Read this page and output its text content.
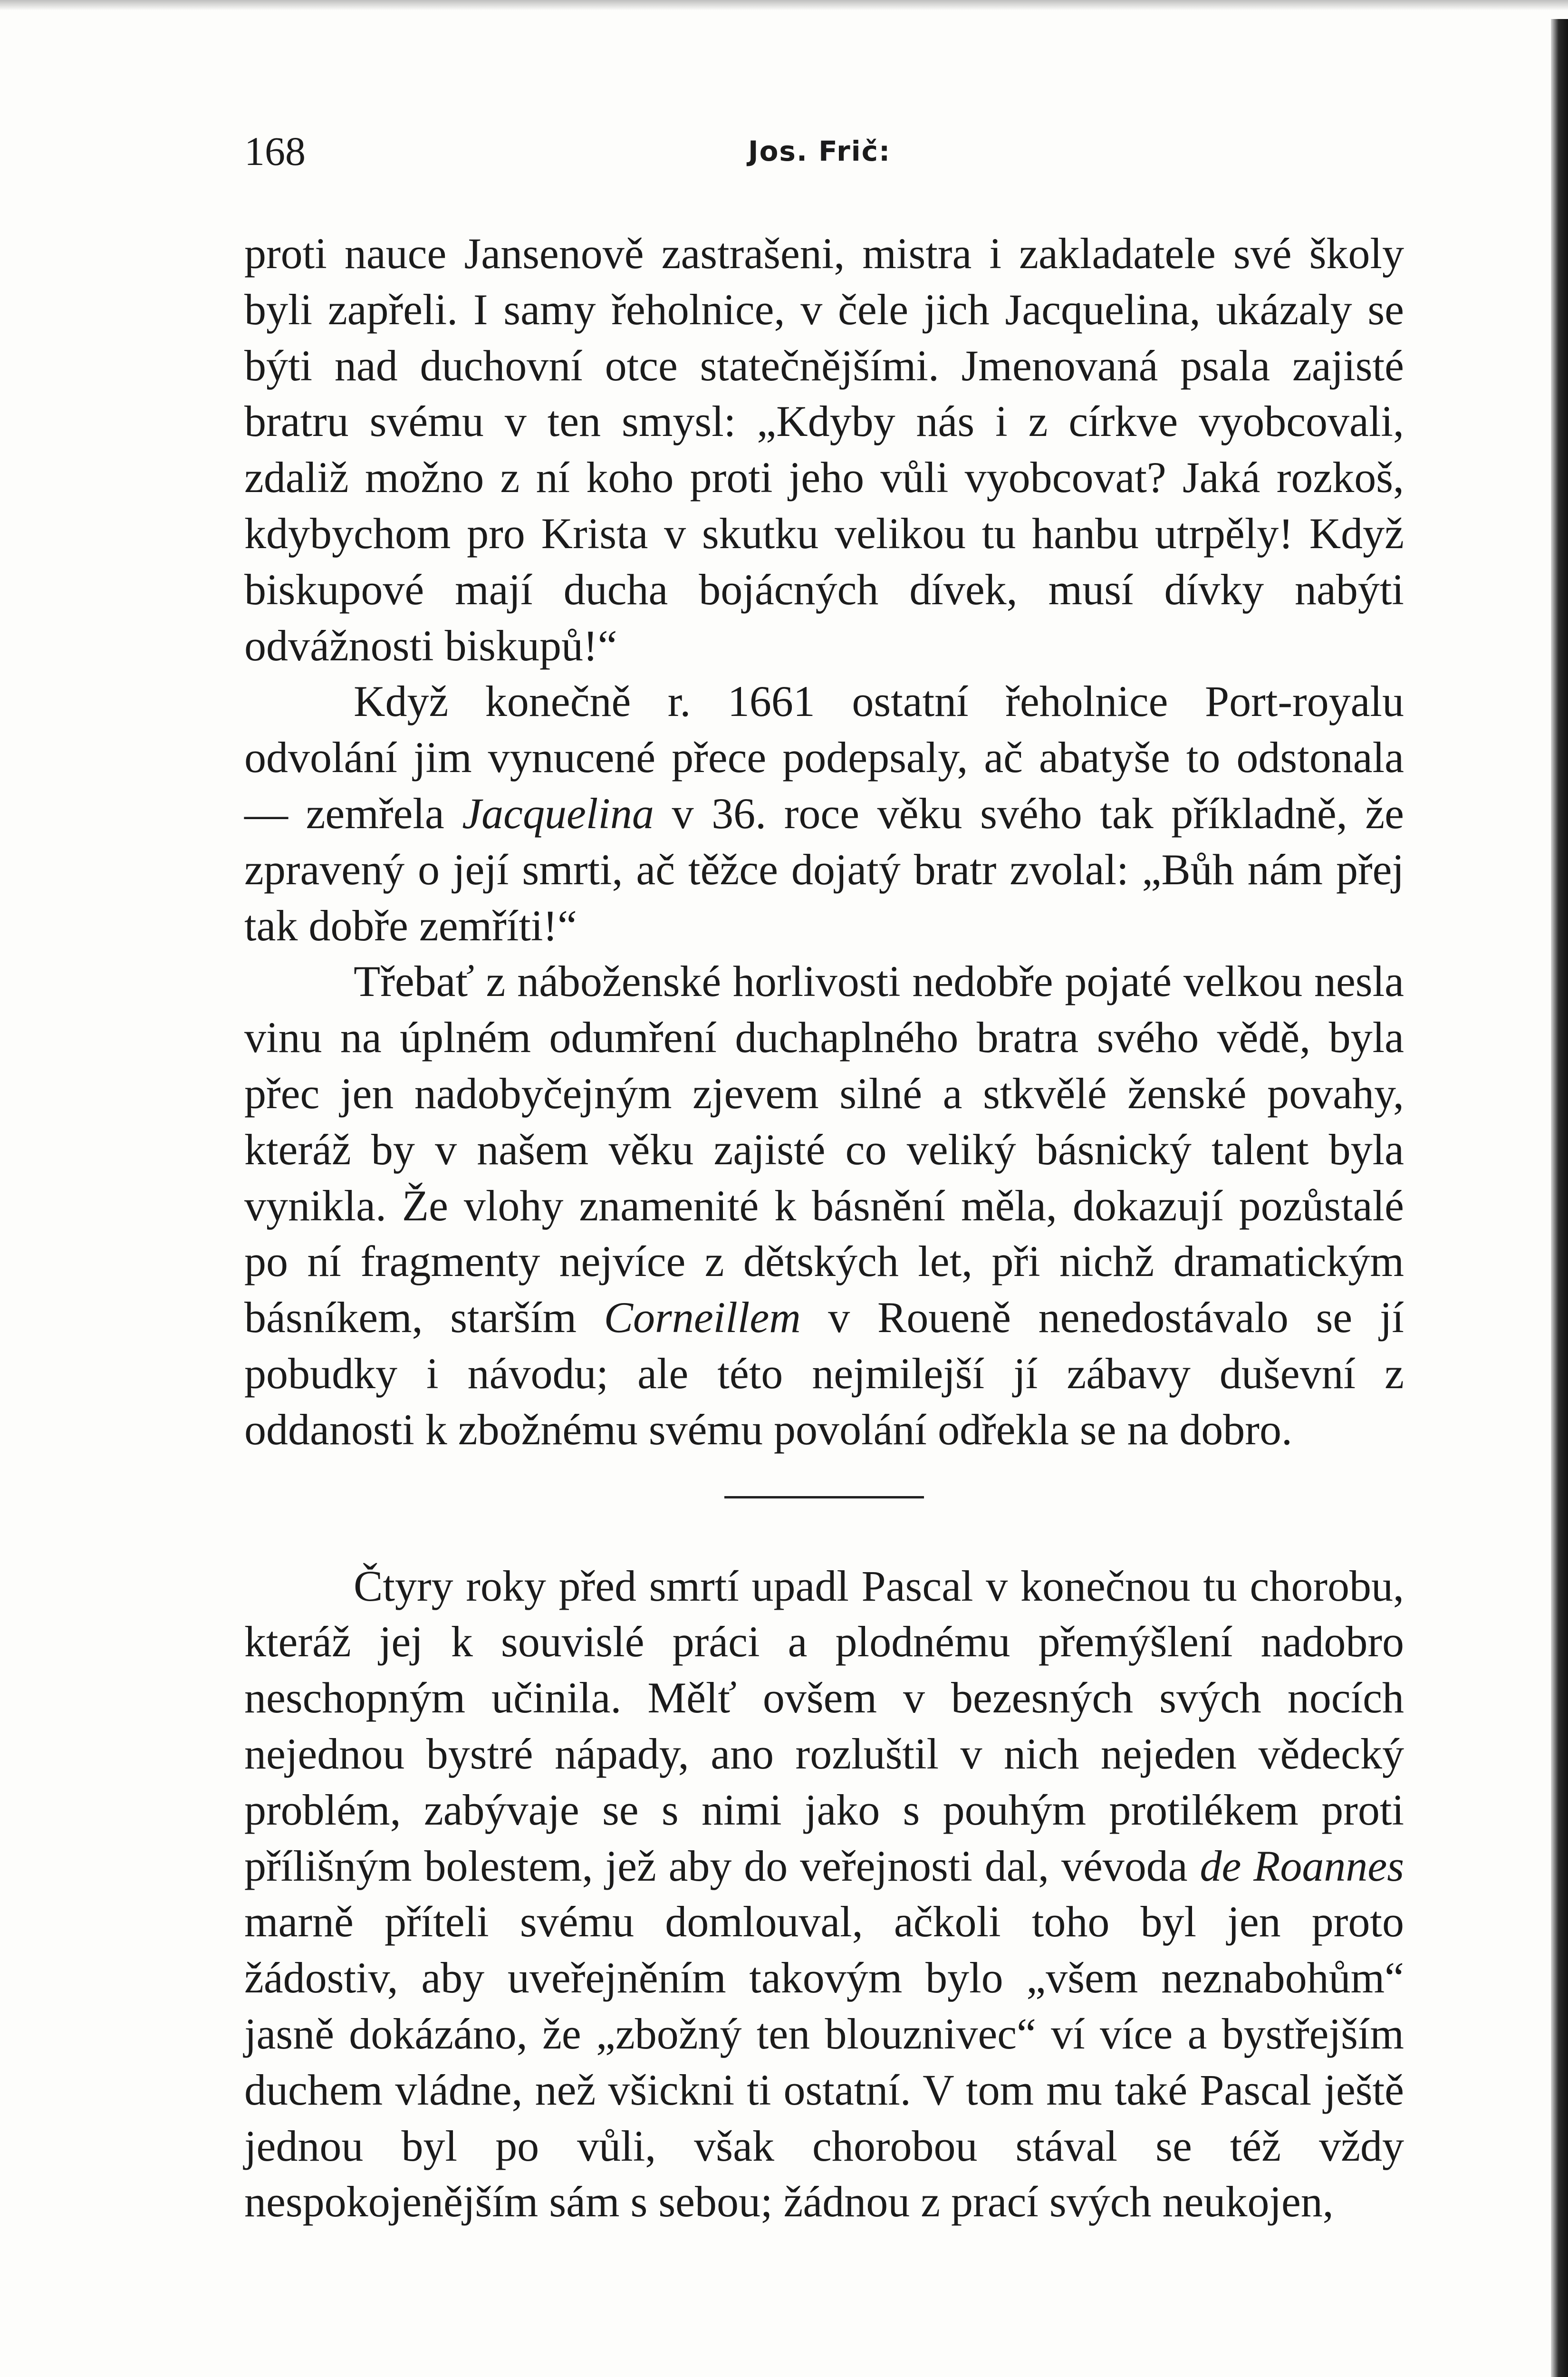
168	Jos. Frič:

proti nauce Jansenově zastrašeni, mistra i zakladatele své školy byli zapřeli. I samy řeholnice, v čele jich Jacquelina, ukázaly se býti nad duchovní otce statečnějšími. Jmenovaná psala zajisté bratru svému v ten smysl: „Kdyby nás i z církve vyobcovali, zdaliž možno z ní koho proti jeho vůli vyobcovat? Jaká rozkoš, kdybychom pro Krista v skutku velikou tu hanbu utrpěly! Když biskupové mají ducha bojácných dívek, musí dívky nabýti odvážnosti biskupů!“

Když konečně r. 1661 ostatní řeholnice Port-royalu odvolání jim vynucené přece podepsaly, ač abatyše to odstonala — zemřela Jacquelina v 36. roce věku svého tak příkladně, že zpravený o její smrti, ač těžce dojatý bratr zvolal: „Bůh nám přej tak dobře zemříti!“

Třebať z náboženské horlivosti nedobře pojaté velkou nesla vinu na úplném odumření duchaplného bratra svého vědě, byla přec jen nadobyčejným zjevem silné a stkvělé ženské povahy, kteráž by v našem věku zajisté co veliký básnický talent byla vynikla. Že vlohy znamenité k básnění měla, dokazují pozůstalé po ní fragmenty nejvíce z dětských let, při nichž dramatickým básníkem, starším Corneillem v Roueně nenedostávalo se jí pobudky i návodu; ale této nejmilejší jí zábavy duševní z oddanosti k zbožnému svému povolání odřekla se na dobro.

Čtyry roky před smrtí upadl Pascal v konečnou tu chorobu, kteráž jej k souvislé práci a plodnému přemýšlení nadobro neschopným učinila. Mělť ovšem v bezesných svých nocích nejednou bystré nápady, ano rozluštil v nich nejeden vědecký problém, zabývaje se s nimi jako s pouhým protilékem proti přílišným bolestem, jež aby do veřejnosti dal, vévoda de Roannes marně příteli svému domlouval, ačkoli toho byl jen proto žádostiv, aby uveřejněním takovým bylo „všem neznabohům“ jasně dokázáno, že „zbožný ten blouznivec“ ví více a bystřejším duchem vládne, než všickni ti ostatní. V tom mu také Pascal ještě jednou byl po vůli, však chorobou stával se též vždy nespokojenějším sám s sebou; žádnou z prací svých neukojen,
